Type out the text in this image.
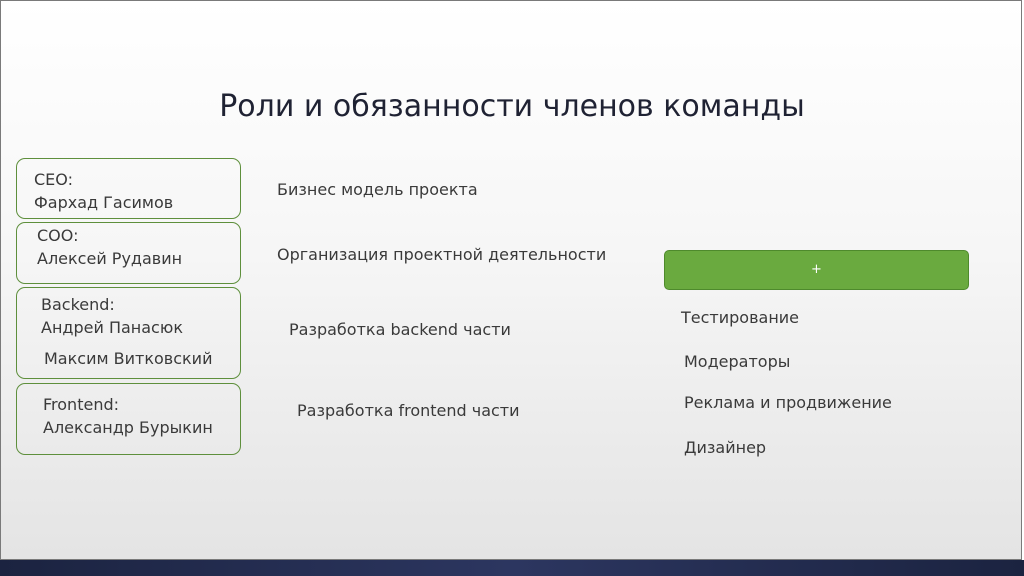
Роли и обязанности членов команды
CEO:
Фархад Гасимов
COO:
Алексей Рудавин
Backend:
Андрей Панасюк
Максим Витковский
Frontend:
Александр Бурыкин
Бизнес модель проекта
Организация проектной деятельности
Разработка backend части
Разработка frontend части
+
Тестирование
Модераторы
Реклама и продвижение
Дизайнер
